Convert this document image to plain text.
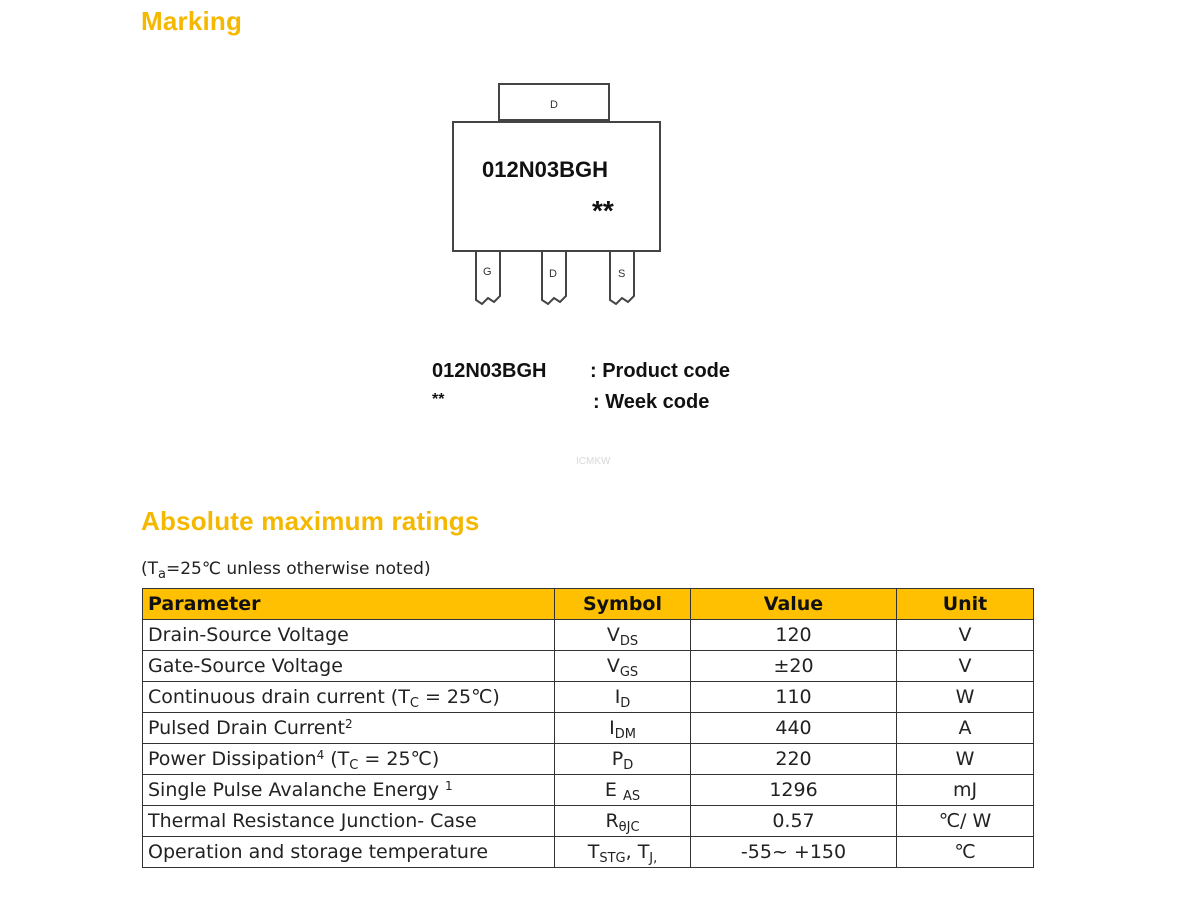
Marking
D
012N03BGH
**
G	D	S
012N03BGH : Product code
**	: Week code
ICMKW
Absolute maximum ratings
($T_a=25℃$ unless otherwise noted)
Parameter	Symbol	Value	Unit
Drain-Source Voltage	$V_{DS}$	120	V
Gate-Source Voltage	$V_{GS}$	±20	V
Continuous drain current ($T_C$ = 25℃)	$I_D$	110	W
Pulsed Drain Current$^2$	$I_{DM}$	440	A
Power Dissipation$^4$ ($T_C$ = 25℃)	$P_D$	220	W
Single Pulse Avalanche Energy $^1$	E $_{AS}$	1296	mJ
Thermal Resistance Junction- Case	$R_{\theta JC}$	0.57	℃/ W
Operation and storage temperature	$T_{STG}$, $T_{J,}$	-55~ +150	℃
